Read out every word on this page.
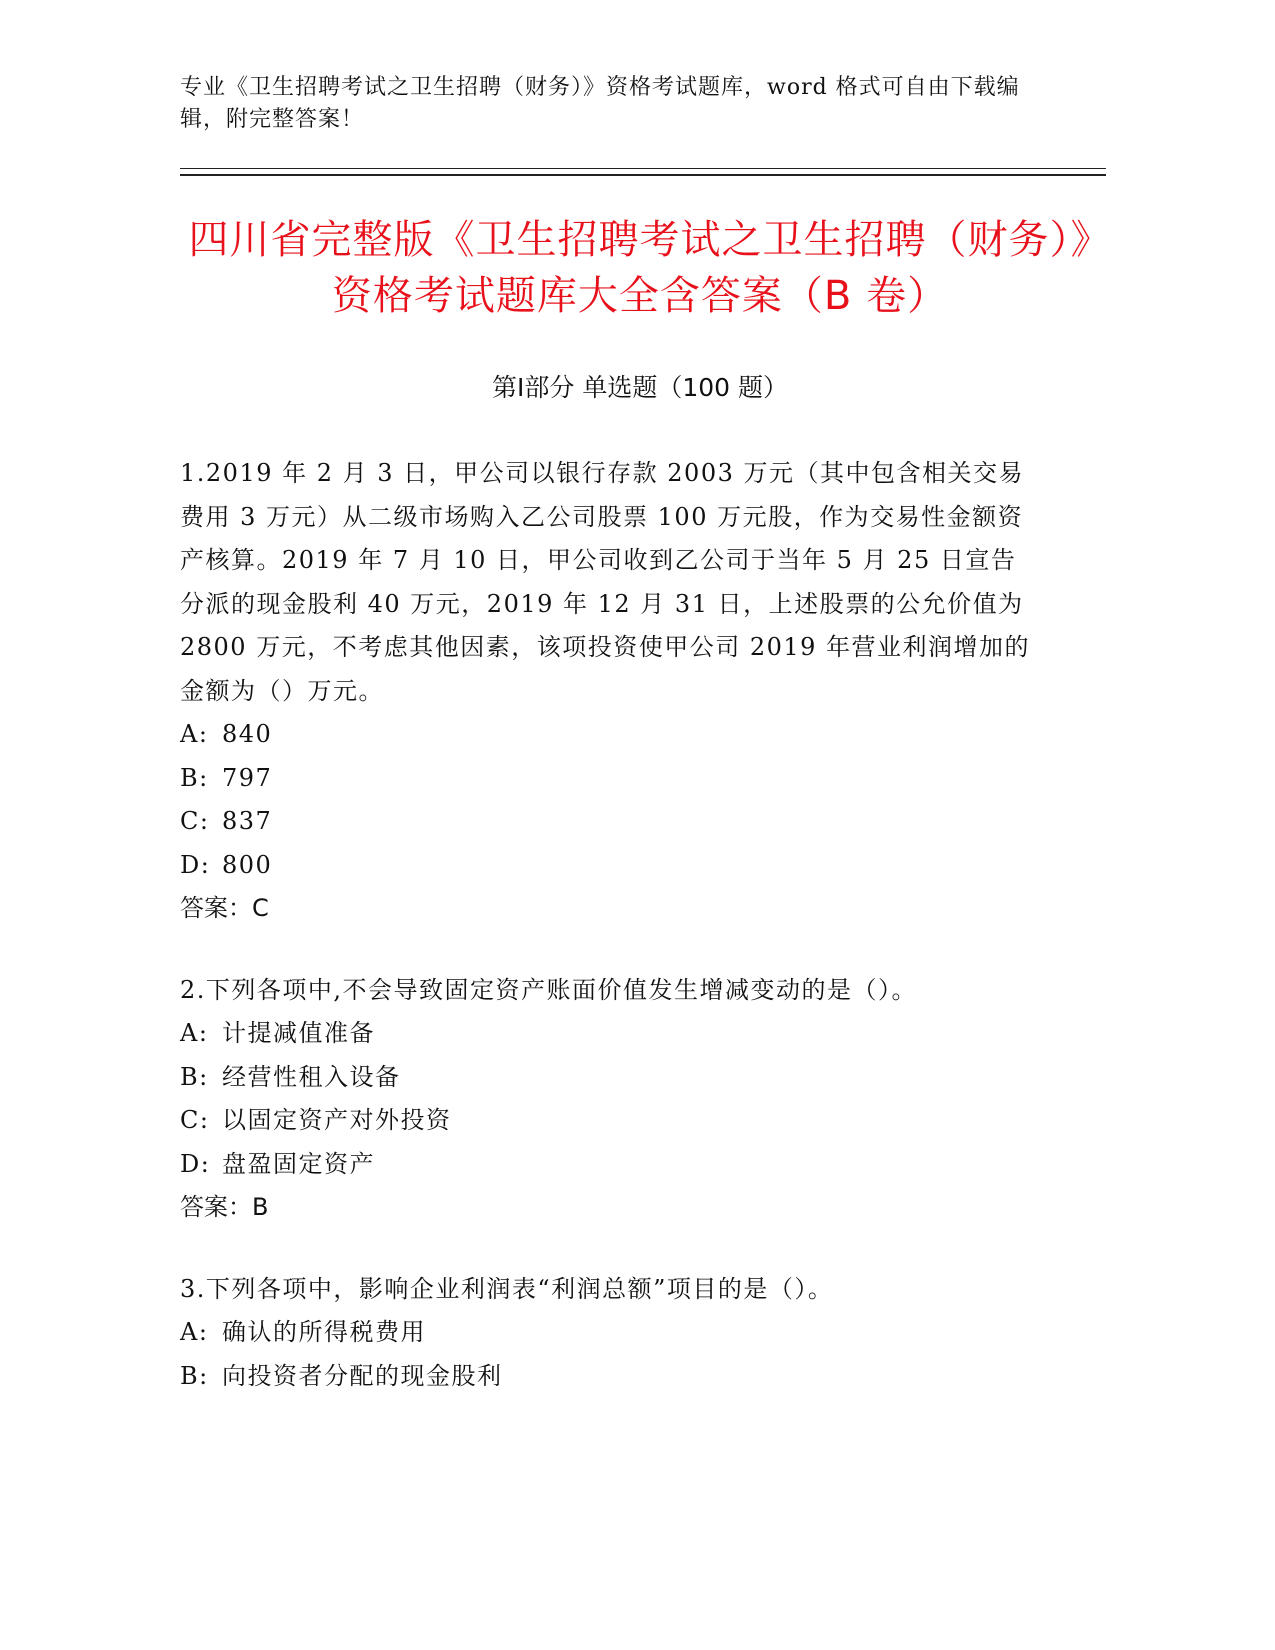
专业《卫生招聘考试之卫生招聘（财务）》资格考试题库，word 格式可自由下载编辑，附完整答案！
四川省完整版《卫生招聘考试之卫生招聘（财务）》资格考试题库大全含答案（B 卷）
第Ⅰ部分 单选题（100 题）
1.2019 年 2 月 3 日，甲公司以银行存款 2003 万元（其中包含相关交易费用 3 万元）从二级市场购入乙公司股票 100 万元股，作为交易性金额资产核算。2019 年 7 月 10 日，甲公司收到乙公司于当年 5 月 25 日宣告分派的现金股利 40 万元，2019 年 12 月 31 日，上述股票的公允价值为 2800 万元，不考虑其他因素，该项投资使甲公司 2019 年营业利润增加的金额为（）万元。
A: 840
B: 797
C: 837
D: 800
答案：C
2.下列各项中,不会导致固定资产账面价值发生增减变动的是（）。
A: 计提减值准备
B: 经营性租入设备
C: 以固定资产对外投资
D: 盘盈固定资产
答案：B
3.下列各项中，影响企业利润表“利润总额”项目的是（）。
A: 确认的所得税费用
B: 向投资者分配的现金股利
